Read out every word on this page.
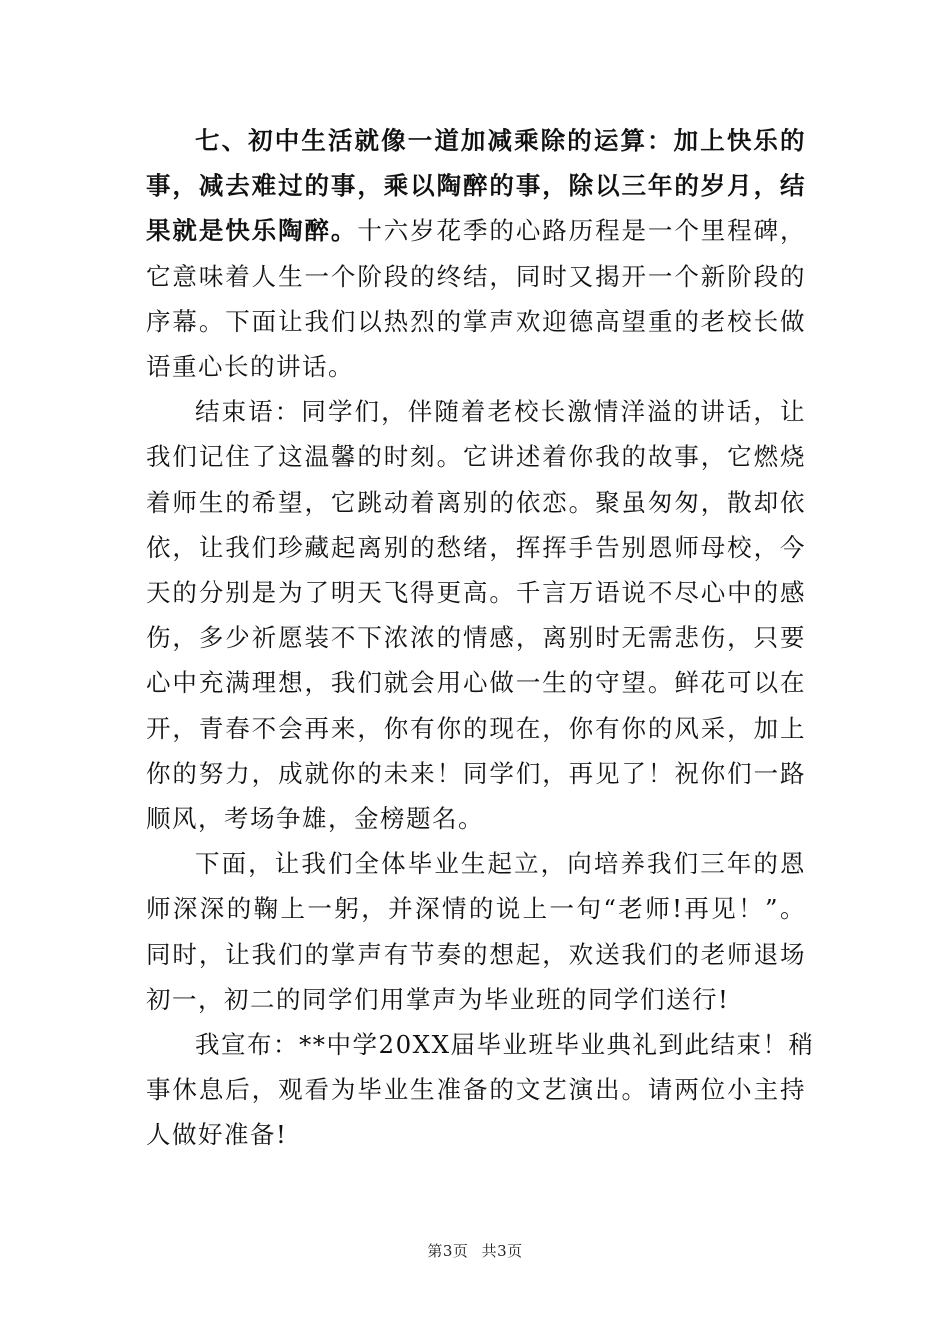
七、初中生活就像一道加减乘除的运算：加上快乐的
事，减去难过的事，乘以陶醉的事，除以三年的岁月，结
果就是快乐陶醉。十六岁花季的心路历程是一个里程碑，
它意味着人生一个阶段的终结，同时又揭开一个新阶段的
序幕。下面让我们以热烈的掌声欢迎德高望重的老校长做
语重心长的讲话。
结束语：同学们，伴随着老校长激情洋溢的讲话，让
我们记住了这温馨的时刻。它讲述着你我的故事，它燃烧
着师生的希望，它跳动着离别的依恋。聚虽匆匆，散却依
依，让我们珍藏起离别的愁绪，挥挥手告别恩师母校，今
天的分别是为了明天飞得更高。千言万语说不尽心中的感
伤，多少祈愿装不下浓浓的情感，离别时无需悲伤，只要
心中充满理想，我们就会用心做一生的守望。鲜花可以在
开，青春不会再来，你有你的现在，你有你的风采，加上
你的努力，成就你的未来！同学们，再见了！祝你们一路
顺风，考场争雄，金榜题名。
下面，让我们全体毕业生起立，向培养我们三年的恩
师深深的鞠上一躬，并深情的说上一句“老师!再见！”。
同时，让我们的掌声有节奏的想起，欢送我们的老师退场
初一，初二的同学们用掌声为毕业班的同学们送行!
我宣布：**中学20XX届毕业班毕业典礼到此结束！稍
事休息后，观看为毕业生准备的文艺演出。请两位小主持
人做好准备!
第3页 共3页
